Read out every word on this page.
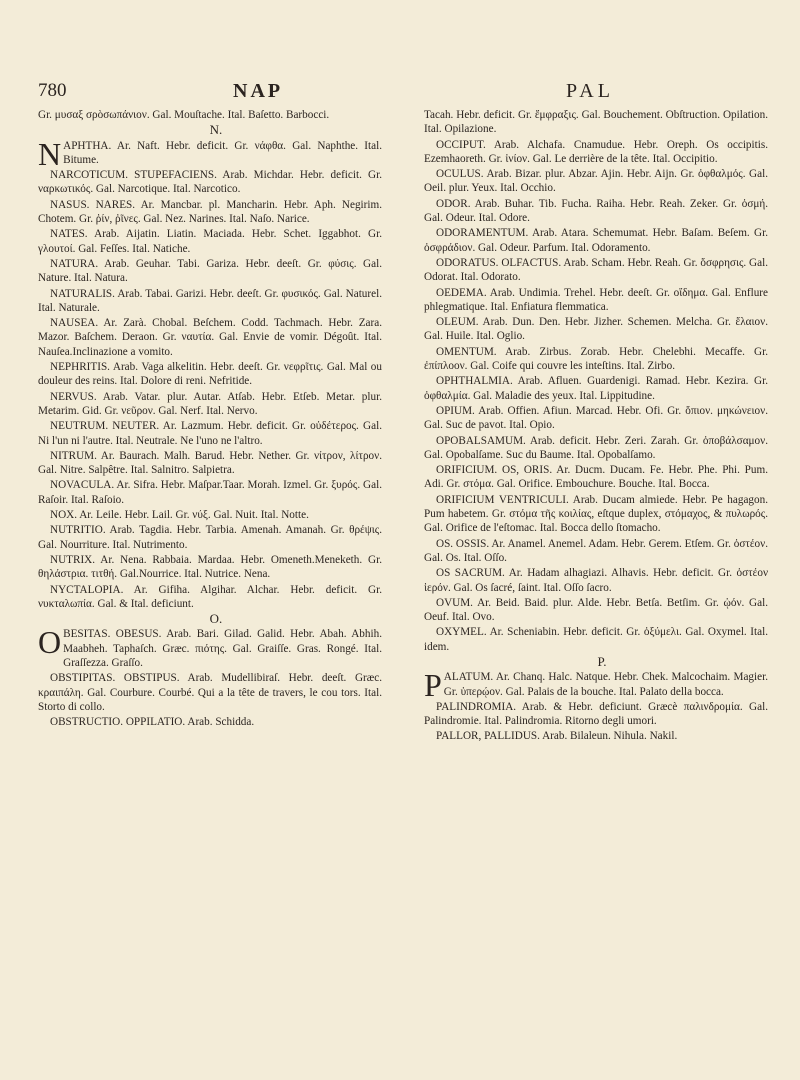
780	NAP	PAL

Gr. μυσαξ σρὸσωπάνιον. Gal. Mouſtache. Ital. Baſetto. Barbocci.

N.

NAPHTHA. Ar. Naft. Hebr. deficit. Gr. νάφθα. Gal. Naphthe. Ital. Bitume.

NARCOTICUM. STUPEFACIENS. Arab. Michdar. Hebr. deficit. Gr. ναρκωτικός. Gal. Narcotique. Ital. Narcotico.

NASUS. NARES. Ar. Mancbar. pl. Mancharin. Hebr. Aph. Negirim. Chotem. Gr. ῥίν, ῥῖνες. Gal. Nez. Narines. Ital. Naſo. Narice.

NATES. Arab. Aijatin. Liatin. Maciada. Hebr. Schet. Iggabhot. Gr. γλουτοί. Gal. Feſſes. Ital. Natiche.

NATURA. Arab. Geuhar. Tabi. Gariza. Hebr. deeſt. Gr. φύσις. Gal. Nature. Ital. Natura.

NATURALIS. Arab. Tabai. Garizi. Hebr. deeſt. Gr. φυσικός. Gal. Naturel. Ital. Naturale.

NAUSEA. Ar. Zarà. Chobal. Beſchem. Codd. Tachmach. Hebr. Zara. Mazor. Baſchem. Deraon. Gr. ναυτία. Gal. Envie de vomir. Dégoût. Ital. Nauſea.Inclinazione a vomito.

NEPHRITIS. Arab. Vaga alkelitin. Hebr. deeſt. Gr. νεφρῖτις. Gal. Mal ou douleur des reins. Ital. Dolore di reni. Nefritide.

NERVUS. Arab. Vatar. plur. Autar. Atſab. Hebr. Etſeb. Metar. plur. Metarim. Gid. Gr. νεῦρον. Gal. Nerf. Ital. Nervo.

NEUTRUM. NEUTER. Ar. Lazmum. Hebr. deficit. Gr. οὐδέτερος. Gal. Ni l'un ni l'autre. Ital. Neutrale. Ne l'uno ne l'altro.

NITRUM. Ar. Baurach. Malh. Barud. Hebr. Nether. Gr. νίτρον, λίτρον. Gal. Nitre. Salpêtre. Ital. Salnitro. Salpietra.

NOVACULA. Ar. Sifra. Hebr. Maſpar.Taar. Morah. Izmel. Gr. ξυρός. Gal. Raſoir. Ital. Raſoio.

NOX. Ar. Leile. Hebr. Lail. Gr. νύξ. Gal. Nuit. Ital. Notte.

NUTRITIO. Arab. Tagdia. Hebr. Tarbia. Amenah. Amanah. Gr. θρέψις. Gal. Nourriture. Ital. Nutrimento.

NUTRIX. Ar. Nena. Rabbaia. Mardaa. Hebr. Omeneth.Meneketh. Gr. θηλάστρια. τιτθή. Gal.Nourrice. Ital. Nutrice. Nena.

NYCTALOPIA. Ar. Gifiha. Algihar. Alchar. Hebr. deficit. Gr. νυκταλωπία. Gal. & Ital. deficiunt.

O.

OBESITAS. OBESUS. Arab. Bari. Gilad. Galid. Hebr. Abah. Abhih. Maabheh. Taphaſch. Græc. πιότης. Gal. Graiſſe. Gras. Rongé. Ital. Graſſezza. Graſſo.

OBSTIPITAS. OBSTIPUS. Arab. Mudellibiraſ. Hebr. deeſt. Græc. κραιπάλη. Gal. Courbure. Courbé. Qui a la tête de travers, le cou tors. Ital. Storto di collo.

OBSTRUCTIO. OPPILATIO. Arab. Schidda.

Tacah. Hebr. deficit. Gr. ἔμφραξις. Gal. Bouchement. Obſtruction. Opilation. Ital. Opilazione.

OCCIPUT. Arab. Alchafa. Cnamudue. Hebr. Oreph. Os occipitis. Ezemhaoreth. Gr. ἰνίον. Gal. Le derrière de la tête. Ital. Occipitio.

OCULUS. Arab. Bizar. plur. Abzar. Ajin. Hebr. Aijn. Gr. ὀφθαλμός. Gal. Oeil. plur. Yeux. Ital. Occhio.

ODOR. Arab. Buhar. Tib. Fucha. Raiha. Hebr. Reah. Zeker. Gr. ὀσμή. Gal. Odeur. Ital. Odore.

ODORAMENTUM. Arab. Atara. Schemumat. Hebr. Baſam. Beſem. Gr. ὀσφράδιον. Gal. Odeur. Parfum. Ital. Odoramento.

ODORATUS. OLFACTUS. Arab. Scham. Hebr. Reah. Gr. ὄσφρησις. Gal. Odorat. Ital. Odorato.

OEDEMA. Arab. Undimia. Trehel. Hebr. deeſt. Gr. οἴδημα. Gal. Enflure phlegmatique. Ital. Enfiatura flemmatica.

OLEUM. Arab. Dun. Den. Hebr. Jizher. Schemen. Melcha. Gr. ἔλαιον. Gal. Huile. Ital. Oglio.

OMENTUM. Arab. Zirbus. Zorab. Hebr. Chelebhi. Mecaffe. Gr. ἐπίπλοον. Gal. Coife qui couvre les inteſtins. Ital. Zirbo.

OPHTHALMIA. Arab. Afluen. Guardenigi. Ramad. Hebr. Kezira. Gr. ὀφθαλμία. Gal. Maladie des yeux. Ital. Lippitudine.

OPIUM. Arab. Offien. Afiun. Marcad. Hebr. Ofi. Gr. ὄπιον. μηκώνειον. Gal. Suc de pavot. Ital. Opio.

OPOBALSAMUM. Arab. deficit. Hebr. Zeri. Zarah. Gr. ὀποβάλσαμον. Gal. Opobalſame. Suc du Baume. Ital. Opobalſamo.

ORIFICIUM. OS, ORIS. Ar. Ducm. Ducam. Fe. Hebr. Phe. Phi. Pum. Adi. Gr. στόμα. Gal. Orifice. Embouchure. Bouche. Ital. Bocca.

ORIFICIUM VENTRICULI. Arab. Ducam almiede. Hebr. Pe hagagon. Pum habetem. Gr. στόμα τῆς κοιλίας, eſtque duplex, στόμαχος, & πυλωρός. Gal. Orifice de l'eſtomac. Ital. Bocca dello ſtomacho.

OS. OSSIS. Ar. Anamel. Anemel. Adam. Hebr. Gerem. Etſem. Gr. ὀστέον. Gal. Os. Ital. Oſſo.

OS SACRUM. Ar. Hadam alhagiazi. Alhavis. Hebr. deficit. Gr. ὀστέον ἱερόν. Gal. Os ſacré, ſaint. Ital. Oſſo ſacro.

OVUM. Ar. Beid. Baid. plur. Alde. Hebr. Betſa. Betſim. Gr. ᾠόν. Gal. Oeuf. Ital. Ovo.

OXYMEL. Ar. Scheniabin. Hebr. deficit. Gr. ὀξύμελι. Gal. Oxymel. Ital. idem.

P.

PALATUM. Ar. Chanq. Halc. Natque. Hebr. Chek. Malcochaim. Magier. Gr. ὑπερῴον. Gal. Palais de la bouche. Ital. Palato della bocca.

PALINDROMIA. Arab. & Hebr. deficiunt. Græcè παλινδρομία. Gal. Palindromie. Ital. Palindromia. Ritorno degli umori.

PALLOR, PALLIDUS. Arab. Bilaleun. Nihula. Nakil.
